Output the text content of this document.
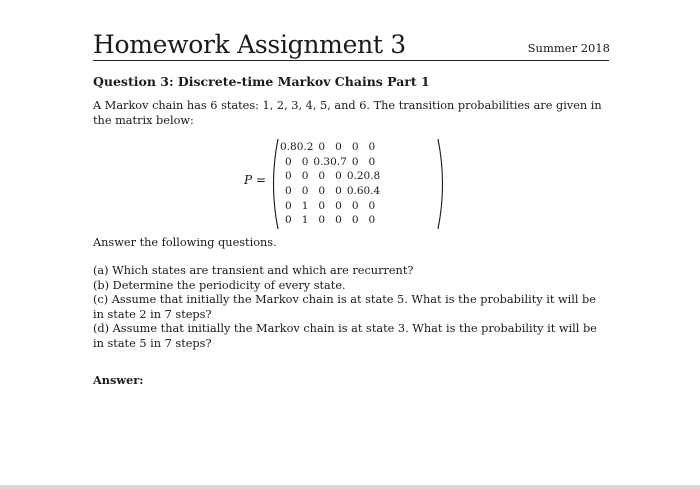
Homework Assignment 3	Summer 2018
Question 3: Discrete-time Markov Chains Part 1
A Markov chain has 6 states: 1, 2, 3, 4, 5, and 6. The transition probabilities are given in the matrix below:
P =
0.8	0.2	0	0	0	0
0	0	0.3	0.7	0	0
0	0	0	0	0.2	0.8
0	0	0	0	0.6	0.4
0	1	0	0	0	0
0	1	0	0	0	0
Answer the following questions.
(a) Which states are transient and which are recurrent?
(b) Determine the periodicity of every state.
(c) Assume that initially the Markov chain is at state 5. What is the probability it will be in state 2 in 7 steps?
(d) Assume that initially the Markov chain is at state 3. What is the probability it will be in state 5 in 7 steps?
Answer:
